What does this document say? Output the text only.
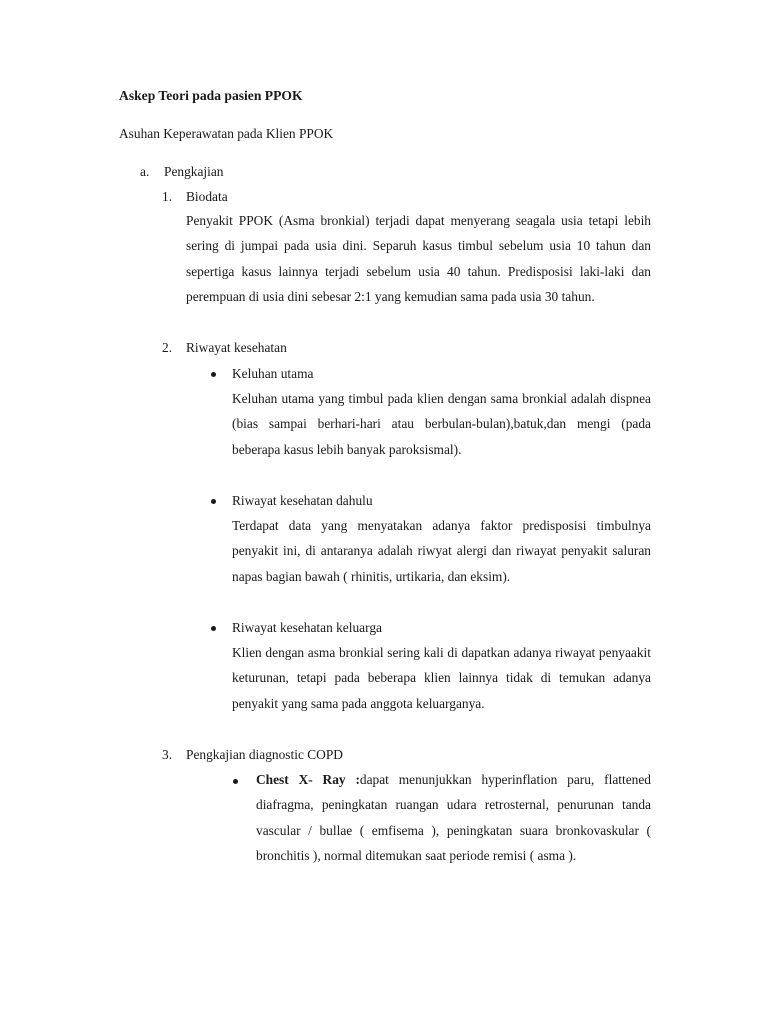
Askep Teori pada pasien PPOK

Asuhan Keperawatan pada Klien PPOK

a. Pengkajian
1. Biodata

Penyakit PPOK (Asma bronkial) terjadi dapat menyerang seagala usia tetapi lebih sering di jumpai pada usia dini. Separuh kasus timbul sebelum usia 10 tahun dan sepertiga kasus lainnya terjadi sebelum usia 40 tahun. Predisposisi laki-laki dan perempuan di usia dini sebesar 2:1 yang kemudian sama pada usia 30 tahun.

2. Riwayat kesehatan
Keluhan utama

Keluhan utama yang timbul pada klien dengan sama bronkial adalah dispnea (bias sampai berhari-hari atau berbulan-bulan),batuk,dan mengi (pada beberapa kasus lebih banyak paroksismal).

Riwayat kesehatan dahulu

Terdapat data yang menyatakan adanya faktor predisposisi timbulnya penyakit ini, di antaranya adalah riwyat alergi dan riwayat penyakit saluran napas bagian bawah ( rhinitis, urtikaria, dan eksim).

Riwayat kesehatan keluarga

Klien dengan asma bronkial sering kali di dapatkan adanya riwayat penyaakit keturunan, tetapi pada beberapa klien lainnya tidak di temukan adanya penyakit yang sama pada anggota keluarganya.

3. Pengkajian diagnostic COPD

Chest X- Ray :dapat menunjukkan hyperinflation paru, flattened diafragma, peningkatan ruangan udara retrosternal, penurunan tanda vascular / bullae ( emfisema ), peningkatan suara bronkovaskular ( bronchitis ), normal ditemukan saat periode remisi ( asma ).
